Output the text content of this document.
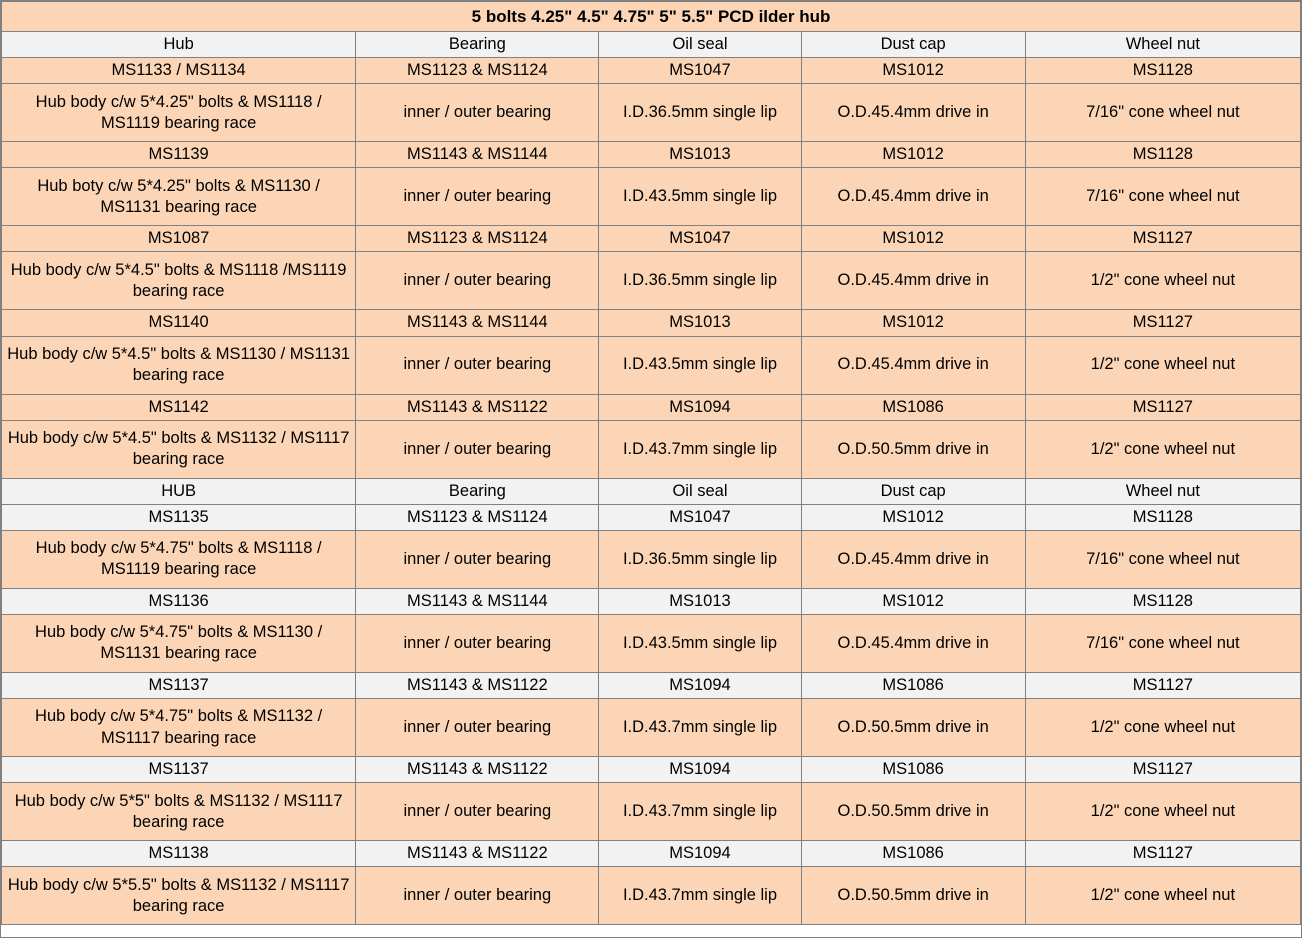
5 bolts 4.25" 4.5" 4.75" 5" 5.5" PCD ilder hub				
Hub	Bearing	Oil seal	Dust cap	Wheel nut
MS1133 / MS1134	MS1123 & MS1124	MS1047	MS1012	MS1128
Hub body c/w 5*4.25" bolts & MS1118 / MS1119 bearing race	inner / outer bearing	I.D.36.5mm single lip	O.D.45.4mm drive in	7/16" cone wheel nut
MS1139	MS1143 & MS1144	MS1013	MS1012	MS1128
Hub boty c/w 5*4.25" bolts & MS1130 / MS1131 bearing race	inner / outer bearing	I.D.43.5mm single lip	O.D.45.4mm drive in	7/16" cone wheel nut
MS1087	MS1123 & MS1124	MS1047	MS1012	MS1127
Hub body c/w 5*4.5" bolts & MS1118 /MS1119 bearing race	inner / outer bearing	I.D.36.5mm single lip	O.D.45.4mm drive in	1/2" cone wheel nut
MS1140	MS1143 & MS1144	MS1013	MS1012	MS1127
Hub body c/w 5*4.5" bolts & MS1130 / MS1131 bearing race	inner / outer bearing	I.D.43.5mm single lip	O.D.45.4mm drive in	1/2" cone wheel nut
MS1142	MS1143 & MS1122	MS1094	MS1086	MS1127
Hub body c/w 5*4.5" bolts & MS1132 / MS1117 bearing race	inner / outer bearing	I.D.43.7mm single lip	O.D.50.5mm drive in	1/2" cone wheel nut
HUB	Bearing	Oil seal	Dust cap	Wheel nut
MS1135	MS1123 & MS1124	MS1047	MS1012	MS1128
Hub body c/w 5*4.75" bolts & MS1118 / MS1119 bearing race	inner / outer bearing	I.D.36.5mm single lip	O.D.45.4mm drive in	7/16" cone wheel nut
MS1136	MS1143 & MS1144	MS1013	MS1012	MS1128
Hub body c/w 5*4.75" bolts & MS1130 / MS1131 bearing race	inner / outer bearing	I.D.43.5mm single lip	O.D.45.4mm drive in	7/16" cone wheel nut
MS1137	MS1143 & MS1122	MS1094	MS1086	MS1127
Hub body c/w 5*4.75" bolts & MS1132 / MS1117 bearing race	inner / outer bearing	I.D.43.7mm single lip	O.D.50.5mm drive in	1/2" cone wheel nut
MS1137	MS1143 & MS1122	MS1094	MS1086	MS1127
Hub body c/w 5*5" bolts & MS1132 / MS1117 bearing race	inner / outer bearing	I.D.43.7mm single lip	O.D.50.5mm drive in	1/2" cone wheel nut
MS1138	MS1143 & MS1122	MS1094	MS1086	MS1127
Hub body c/w 5*5.5" bolts & MS1132 / MS1117 bearing race	inner / outer bearing	I.D.43.7mm single lip	O.D.50.5mm drive in	1/2" cone wheel nut
